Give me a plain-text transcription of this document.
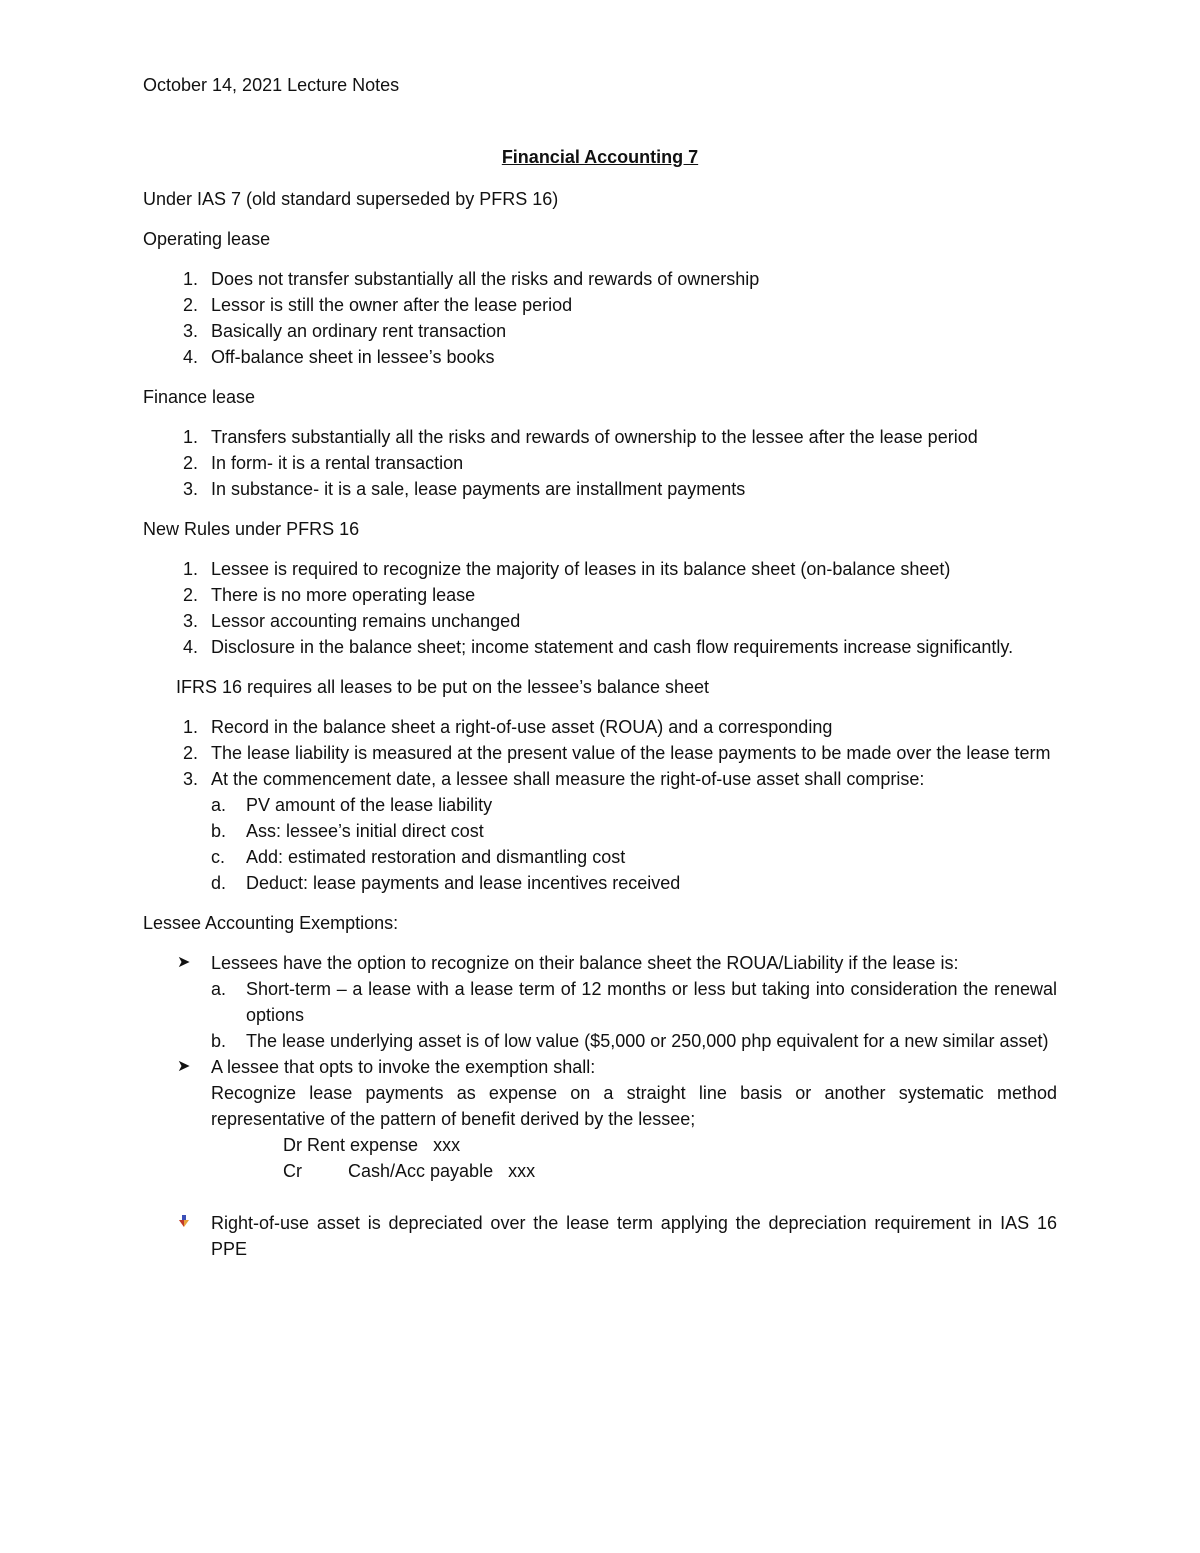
October 14, 2021 Lecture Notes
Financial Accounting 7

Under IAS 7 (old standard superseded by PFRS 16)

Operating lease

1. Does not transfer substantially all the risks and rewards of ownership
2. Lessor is still the owner after the lease period
3. Basically an ordinary rent transaction
4. Off-balance sheet in lessee’s books

Finance lease

1. Transfers substantially all the risks and rewards of ownership to the lessee after the lease period
2. In form- it is a rental transaction
3. In substance- it is a sale, lease payments are installment payments

New Rules under PFRS 16

1. Lessee is required to recognize the majority of leases in its balance sheet (on-balance sheet)
2. There is no more operating lease
3. Lessor accounting remains unchanged
4. Disclosure in the balance sheet; income statement and cash flow requirements increase significantly.

IFRS 16 requires all leases to be put on the lessee’s balance sheet

1. Record in the balance sheet a right-of-use asset (ROUA) and a corresponding
2. The lease liability is measured at the present value of the lease payments to be made over the lease term
3. At the commencement date, a lessee shall measure the right-of-use asset shall comprise:
a. PV amount of the lease liability
b. Ass: lessee’s initial direct cost
c. Add: estimated restoration and dismantling cost
d. Deduct: lease payments and lease incentives received

Lessee Accounting Exemptions:

➤ Lessees have the option to recognize on their balance sheet the ROUA/Liability if the lease is:
a. Short-term – a lease with a lease term of 12 months or less but taking into consideration the renewal options
b. The lease underlying asset is of low value ($5,000 or 250,000 php equivalent for a new similar asset)
➤ A lessee that opts to invoke the exemption shall:
Recognize lease payments as expense on a straight line basis or another systematic method representative of the pattern of benefit derived by the lessee;
Dr Rent expense   xxx
Cr	Cash/Acc payable   xxx
Right-of-use asset is depreciated over the lease term applying the depreciation requirement in IAS 16 PPE
